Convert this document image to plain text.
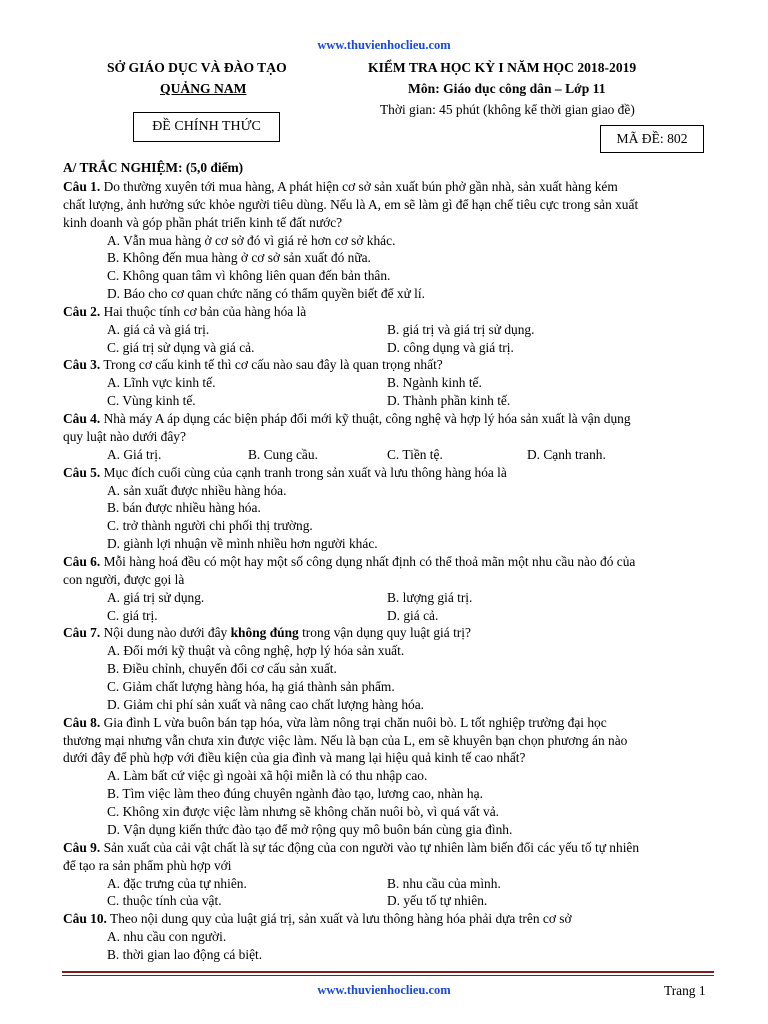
www.thuvienhoclieu.com
SỞ GIÁO DỤC VÀ ĐÀO TẠO
QUẢNG NAM
ĐỀ CHÍNH THỨC
KIỂM TRA HỌC KỲ I NĂM HỌC 2018-2019
Môn: Giáo dục công dân – Lớp 11
Thời gian: 45 phút (không kể thời gian giao đề)
MÃ ĐỀ: 802
A/ TRẮC NGHIỆM: (5,0 điểm)
Câu 1. Do thường xuyên tới mua hàng, A phát hiện cơ sở sản xuất bún phở gần nhà, sản xuất hàng kém
chất lượng, ảnh hưởng sức khỏe người tiêu dùng. Nếu là A, em sẽ làm gì để hạn chế tiêu cực trong sản xuất
kinh doanh và góp phần phát triển kinh tế đất nước?
A. Vẫn mua hàng ở cơ sở đó vì giá rẻ hơn cơ sở khác.
B. Không đến mua hàng ở cơ sở sản xuất đó nữa.
C. Không quan tâm vì không liên quan đến bản thân.
D. Báo cho cơ quan chức năng có thẩm quyền biết để xử lí.
Câu 2. Hai thuộc tính cơ bản của hàng hóa là
A. giá cả và giá trị.	B. giá trị và giá trị sử dụng.
C. giá trị sử dụng và giá cả.	D. công dụng và giá trị.
Câu 3. Trong cơ cấu kinh tế thì cơ cấu nào sau đây là quan trọng nhất?
A. Lĩnh vực kinh tế.	B. Ngành kinh tế.
C. Vùng kinh tế.	D. Thành phần kinh tế.
Câu 4. Nhà máy A áp dụng các biện pháp đổi mới kỹ thuật, công nghệ và hợp lý hóa sản xuất là vận dụng
quy luật nào dưới đây?
A. Giá trị.	B. Cung cầu.	C. Tiền tệ.	D. Cạnh tranh.
Câu 5. Mục đích cuối cùng của cạnh tranh trong sản xuất và lưu thông hàng hóa là
A. sản xuất được nhiều hàng hóa.
B. bán được nhiều hàng hóa.
C. trở thành người chi phối thị trường.
D. giành lợi nhuận về mình nhiều hơn người khác.
Câu 6. Mỗi hàng hoá đều có một hay một số công dụng nhất định có thể thoả mãn một nhu cầu nào đó của
con người, được gọi là
A. giá trị sử dụng.	B. lượng giá trị.
C. giá trị.	D. giá cả.
Câu 7. Nội dung nào dưới đây không đúng trong vận dụng quy luật giá trị?
A. Đổi mới kỹ thuật và công nghệ, hợp lý hóa sản xuất.
B. Điều chỉnh, chuyển đổi cơ cấu sản xuất.
C. Giảm chất lượng hàng hóa, hạ giá thành sản phẩm.
D. Giảm chi phí sản xuất và nâng cao chất lượng hàng hóa.
Câu 8. Gia đình L vừa buôn bán tạp hóa, vừa làm nông trại chăn nuôi bò. L tốt nghiệp trường đại học
thương mại nhưng vẫn chưa xin được việc làm. Nếu là bạn của L, em sẽ khuyên bạn chọn phương án nào
dưới đây để phù hợp với điều kiện của gia đình và mang lại hiệu quả kinh tế cao nhất?
A. Làm bất cứ việc gì ngoài xã hội miễn là có thu nhập cao.
B. Tìm việc làm theo đúng chuyên ngành đào tạo, lương cao, nhàn hạ.
C. Không xin được việc làm nhưng sẽ không chăn nuôi bò, vì quá vất vả.
D. Vận dụng kiến thức đào tạo để mở rộng quy mô buôn bán cùng gia đình.
Câu 9. Sản xuất của cải vật chất là sự tác động của con người vào tự nhiên làm biến đổi các yếu tố tự nhiên
để tạo ra sản phẩm phù hợp với
A. đặc trưng của tự nhiên.	B. nhu cầu của mình.
C. thuộc tính của vật.	D. yếu tố tự nhiên.
Câu 10. Theo nội dung quy của luật giá trị, sản xuất và lưu thông hàng hóa phải dựa trên cơ sở
A. nhu cầu con người.
B. thời gian lao động cá biệt.
www.thuvienhoclieu.com	Trang 1
